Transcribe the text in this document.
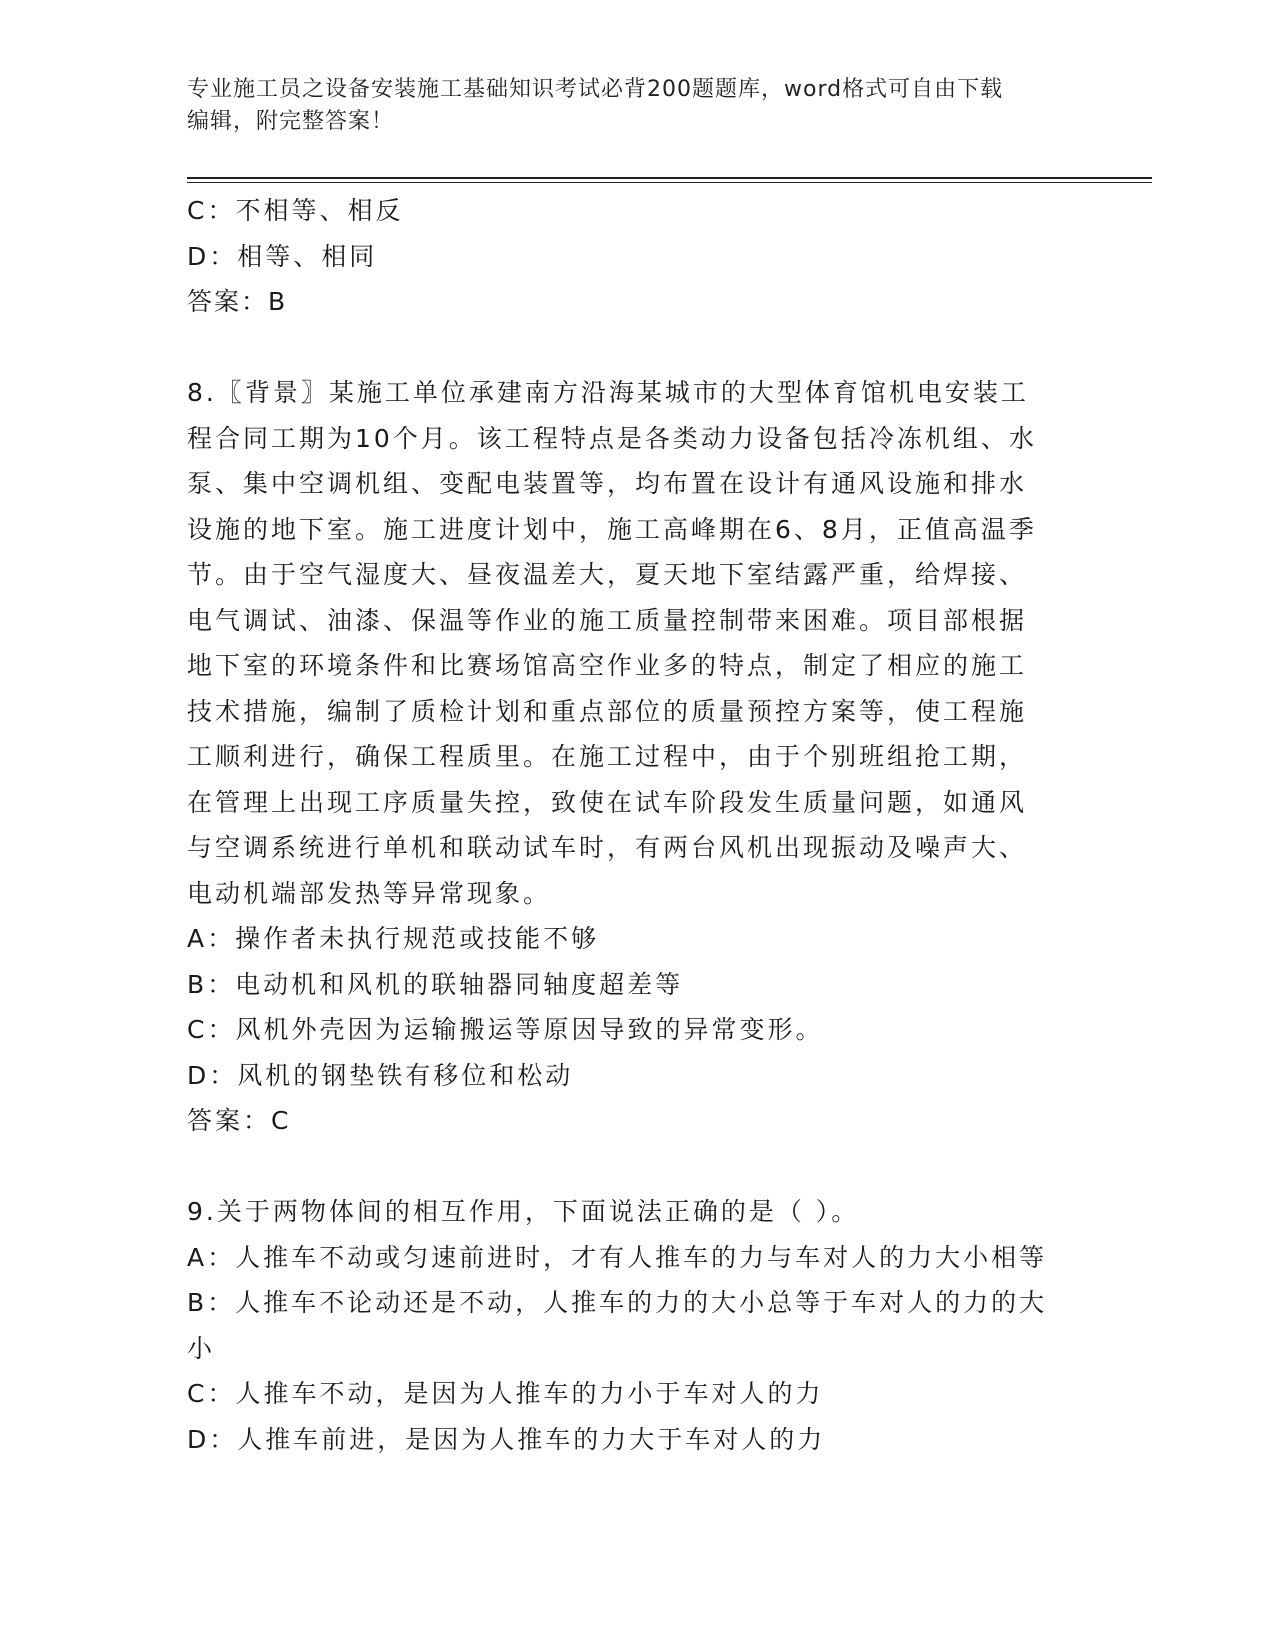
专业施工员之设备安装施工基础知识考试必背200题题库，word格式可自由下载
编辑，附完整答案！
C：不相等、相反
D：相等、相同
答案：B
8.〖背景〗某施工单位承建南方沿海某城市的大型体育馆机电安装工
程合同工期为10个月。该工程特点是各类动力设备包括冷冻机组、水
泵、集中空调机组、变配电装置等，均布置在设计有通风设施和排水
设施的地下室。施工进度计划中，施工高峰期在6、8月，正值高温季
节。由于空气湿度大、昼夜温差大，夏天地下室结露严重，给焊接、
电气调试、油漆、保温等作业的施工质量控制带来困难。项目部根据
地下室的环境条件和比赛场馆高空作业多的特点，制定了相应的施工
技术措施，编制了质检计划和重点部位的质量预控方案等，使工程施
工顺利进行，确保工程质里。在施工过程中，由于个别班组抢工期，
在管理上出现工序质量失控，致使在试车阶段发生质量问题，如通风
与空调系统进行单机和联动试车时，有两台风机出现振动及噪声大、
电动机端部发热等异常现象。
A：操作者未执行规范或技能不够
B：电动机和风机的联轴器同轴度超差等
C：风机外壳因为运输搬运等原因导致的异常变形。
D：风机的钢垫铁有移位和松动
答案：C
9.关于两物体间的相互作用，下面说法正确的是（ ）。
A：人推车不动或匀速前进时，才有人推车的力与车对人的力大小相等
B：人推车不论动还是不动，人推车的力的大小总等于车对人的力的大
小
C：人推车不动，是因为人推车的力小于车对人的力
D：人推车前进，是因为人推车的力大于车对人的力
